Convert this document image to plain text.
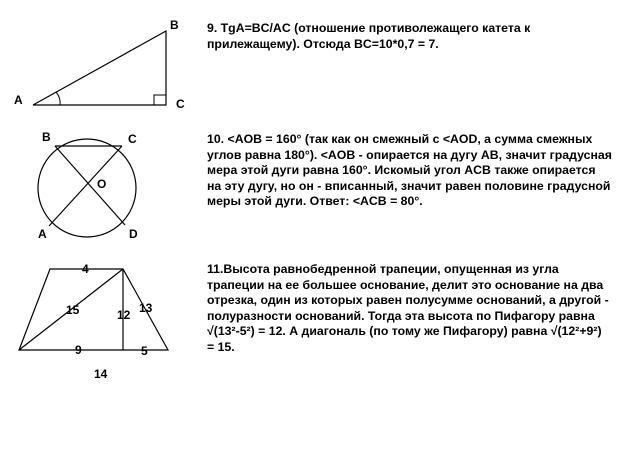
A
B
C
B	C
O
A	D
4
15	12 13
9	5
14

9. TgA=BC/AC (отношение противолежащего катета к прилежащему). Отсюда BC=10*0,7 = 7.

10. <AOB = 160° (так как он смежный с <AOD, а сумма смежных углов равна 180°). <AOB - опирается на дугу AB, значит градусная мера этой дуги равна 160°. Искомый угол ACB также опирается на эту дугу, но он - вписанный, значит равен половине градусной меры этой дуги. Ответ: <ACB = 80°.

11.Высота равнобедренной трапеции, опущенная из угла трапеции на ее большее основание, делит это основание на два отрезка, один из которых равен полусумме оснований, а другой - полуразности оснований. Тогда эта высота по Пифагору равна √(13²-5²) = 12. А диагональ (по тому же Пифагору) равна √(12²+9²) = 15.
